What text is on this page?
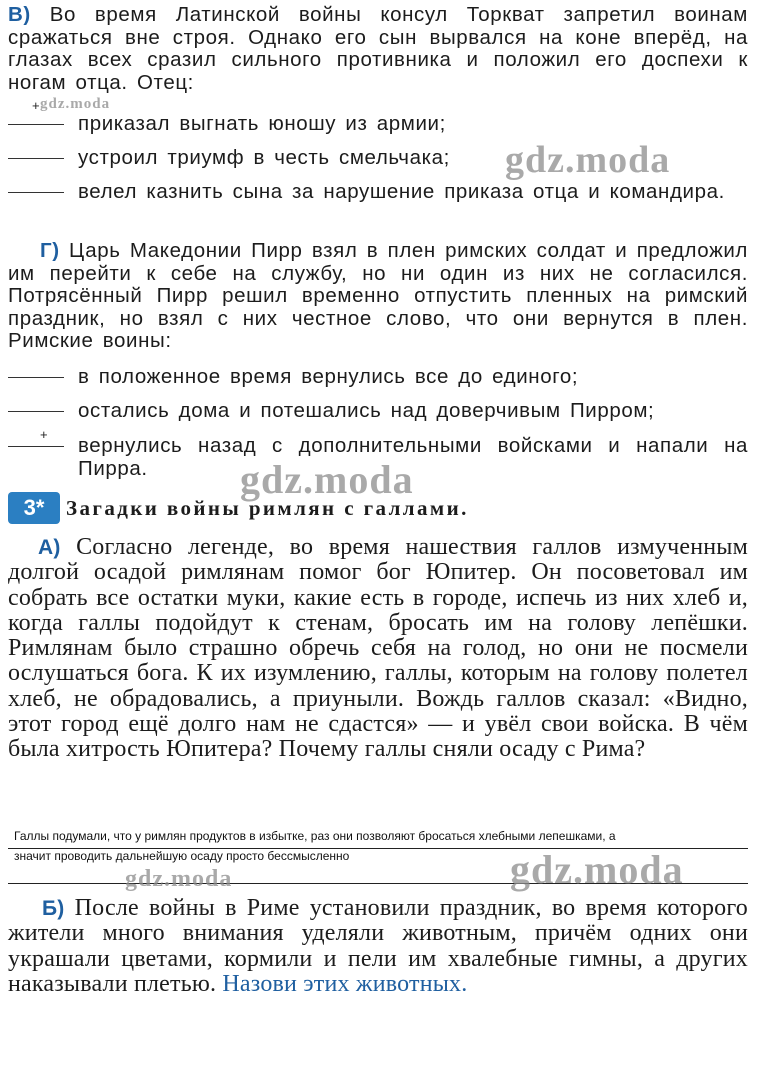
В) Во время Латинской войны консул Торкват запретил воинам сражаться вне строя. Однако его сын вырвался на коне вперёд, на глазах всех сразил сильного противника и положил его доспехи к ногам отца. Отец:
+ gdz.moda
приказал выгнать юношу из армии;
устроил триумф в честь смельчака;	gdz.moda
велел казнить сына за нарушение приказа отца и командира.
Г) Царь Македонии Пирр взял в плен римских солдат и предложил им перейти к себе на службу, но ни один из них не согласился. Потрясённый Пирр решил временно отпустить пленных на римский праздник, но взял с них честное слово, что они вернутся в плен. Римские воины:
в положенное время вернулись все до единого;
остались дома и потешались над доверчивым Пирром;
+	вернулись назад с дополнительными войсками и напали на Пирра.	gdz.moda
3*	Загадки войны римлян с галлами.
А) Согласно легенде, во время нашествия галлов измученным долгой осадой римлянам помог бог Юпитер. Он посоветовал им собрать все остатки муки, какие есть в городе, испечь из них хлеб и, когда галлы подойдут к стенам, бросать им на голову лепёшки. Римлянам было страшно обречь себя на голод, но они не посмели ослушаться бога. К их изумлению, галлы, которым на голову полетел хлеб, не обрадовались, а приуныли. Вождь галлов сказал: «Видно, этот город ещё долго нам не сдастся» — и увёл свои войска. В чём была хитрость Юпитера? Почему галлы сняли осаду с Рима?
Галлы подумали, что у римлян продуктов в избытке, раз они позволяют бросаться хлебными лепешками, а
значит проводить дальнейшую осаду просто бессмысленно
gdz.moda	gdz.moda
Б) После войны в Риме установили праздник, во время которого жители много внимания уделяли животным, причём одних они украшали цветами, кормили и пели им хвалебные гимны, а других наказывали плетью. Назови этих животных.
